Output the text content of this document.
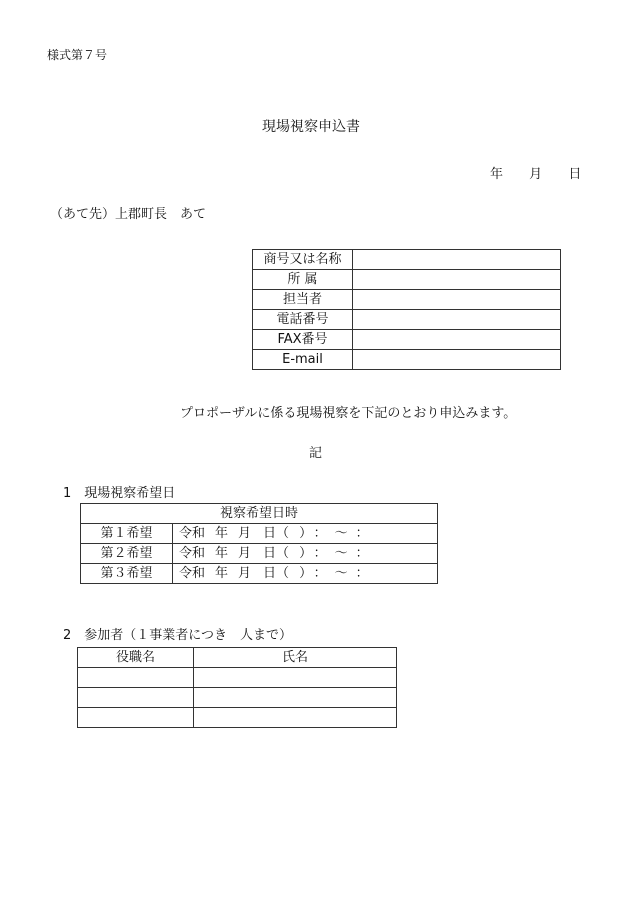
様式第７号
現場視察申込書
年 月 日
（あて先）上郡町長　あて
商号又は名称	
所 属	
担当者	
電話番号	
FAX番号	
E-mail	
プロポーザルに係る現場視察を下記のとおり申込みます。
記
1　現場視察希望日
視察希望日時	
第１希望	令和 年 月 日（ ） ： ～ ：
第２希望	令和 年 月 日（ ） ： ～ ：
第３希望	令和 年 月 日（ ） ： ～ ：
2　参加者（１事業者につき　人まで）
役職名	氏名
